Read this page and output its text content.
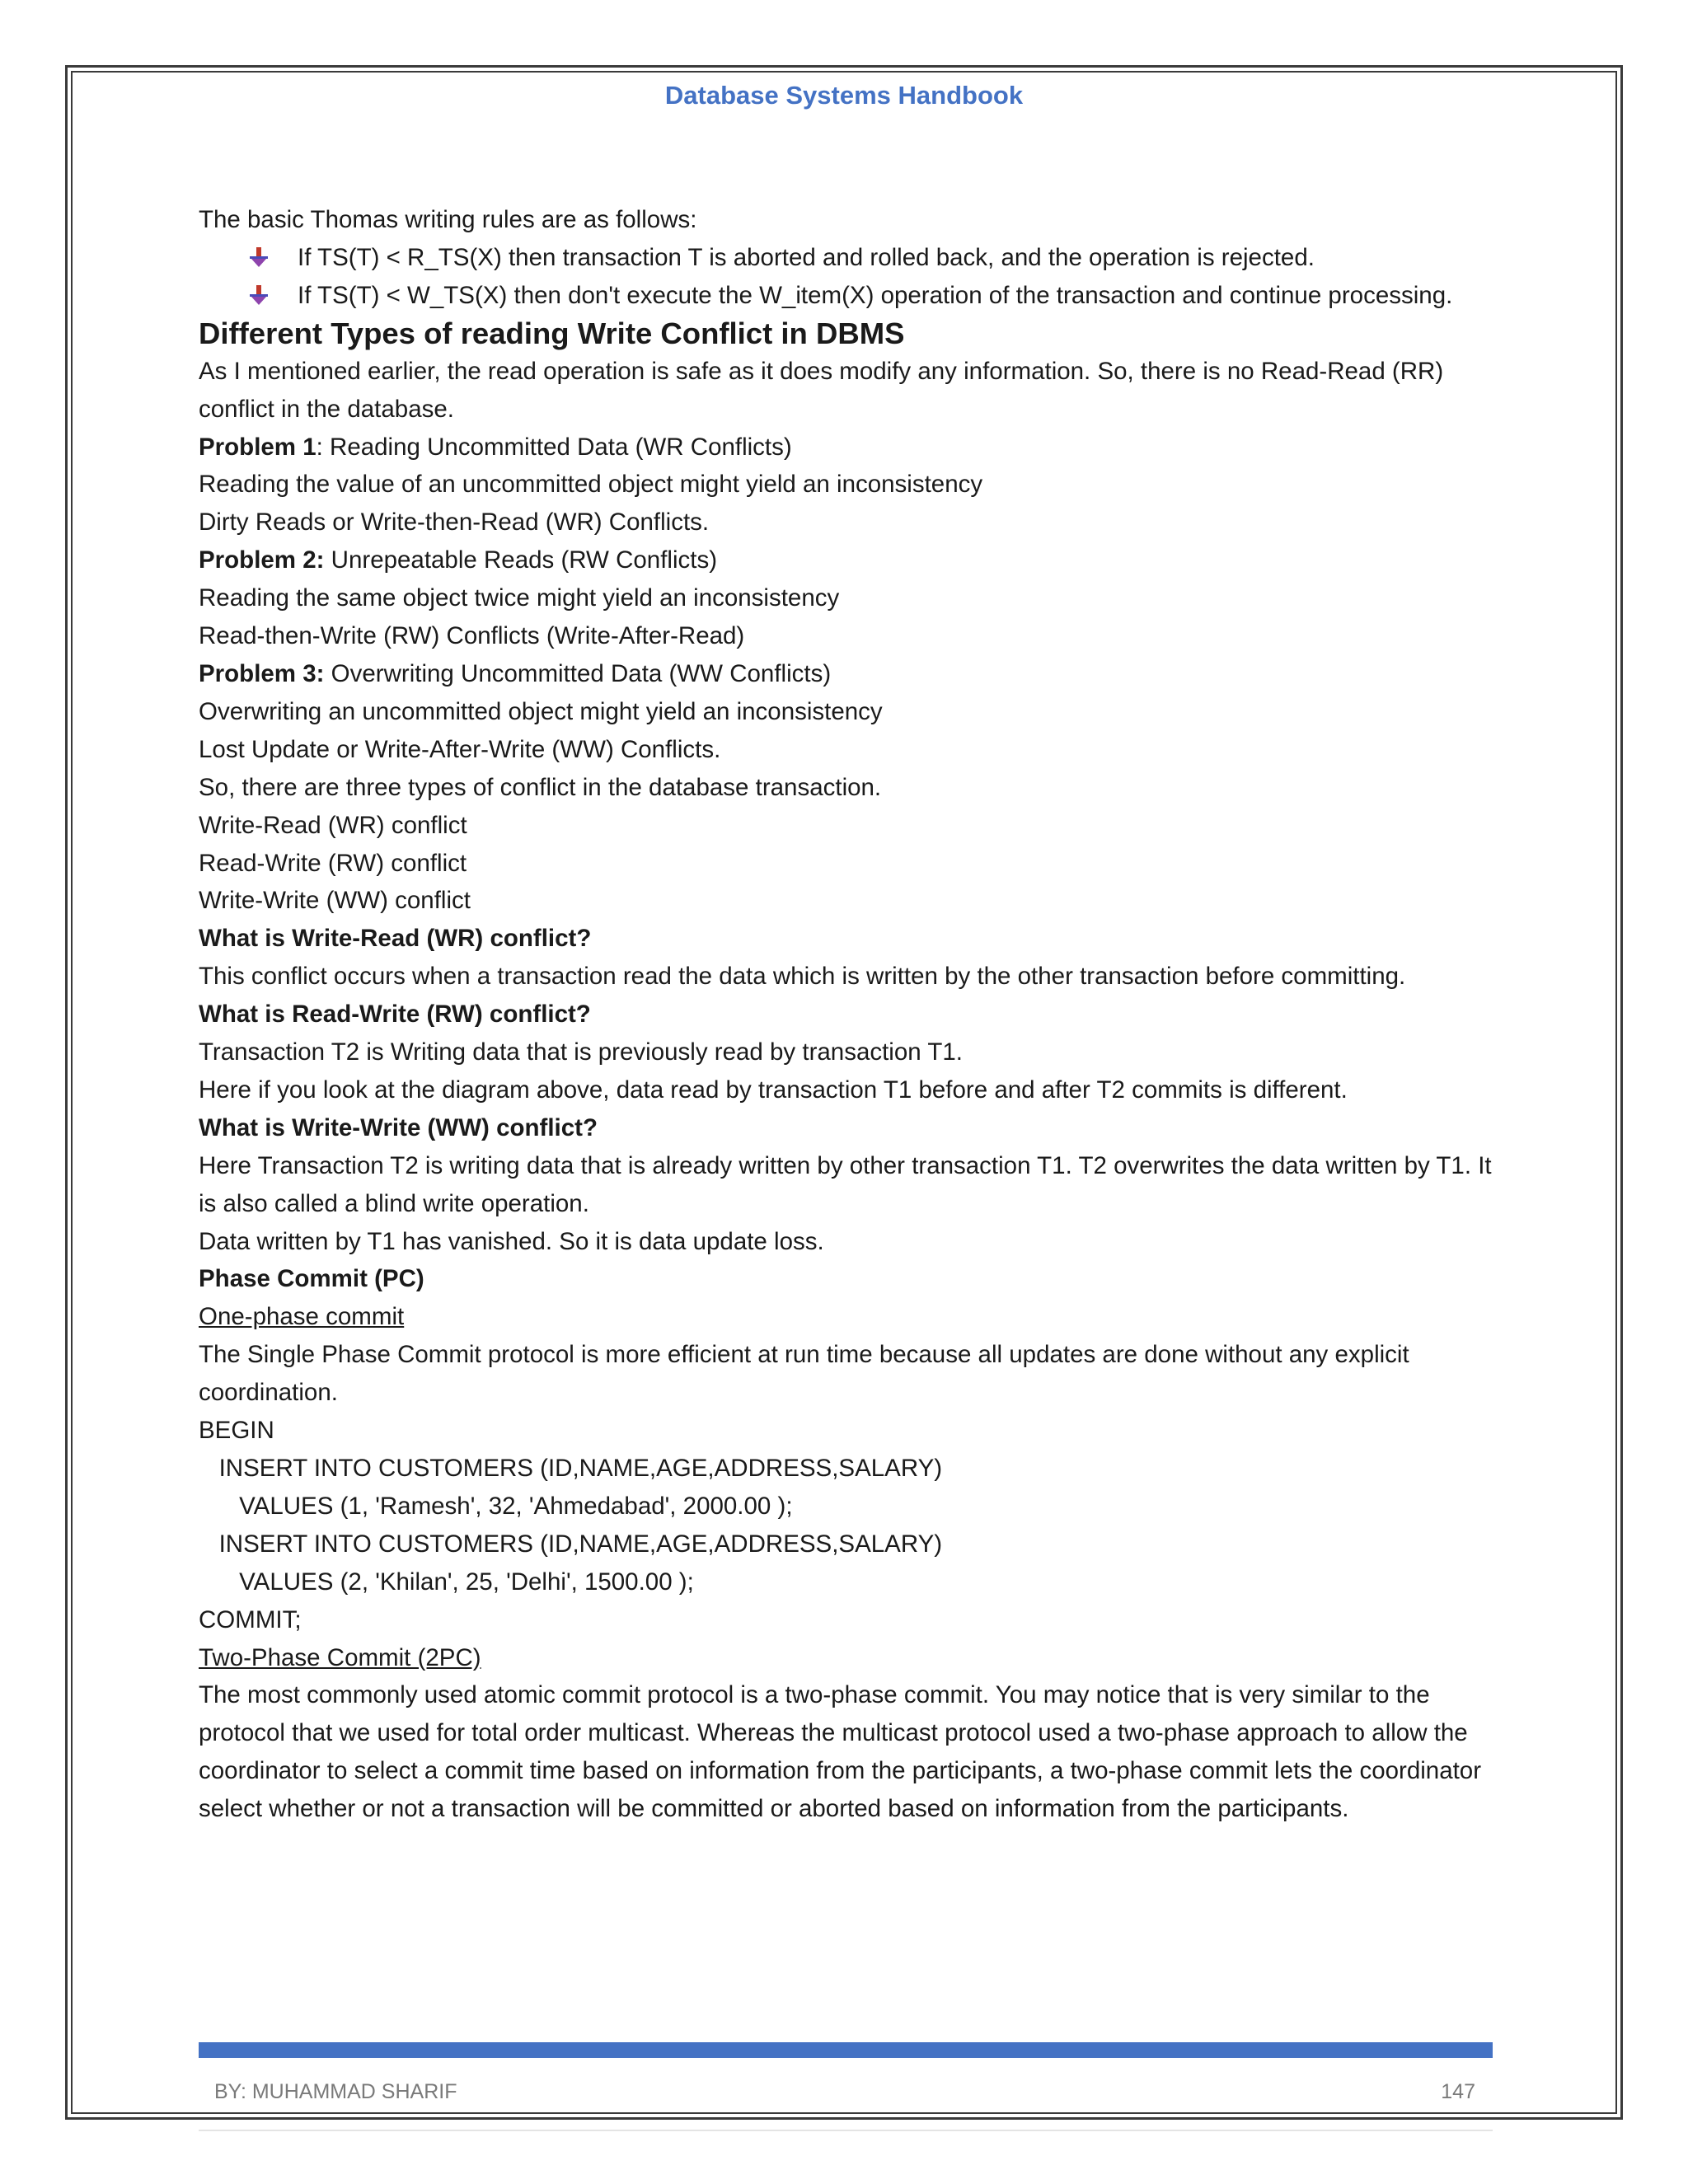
Database Systems Handbook

The basic Thomas writing rules are as follows:

If TS(T) < R_TS(X) then transaction T is aborted and rolled back, and the operation is rejected.
If TS(T) < W_TS(X) then don't execute the W_item(X) operation of the transaction and continue processing.

Different Types of reading Write Conflict in DBMS

As I mentioned earlier, the read operation is safe as it does modify any information. So, there is no Read-Read (RR) conflict in the database.

Problem 1: Reading Uncommitted Data (WR Conflicts)

Reading the value of an uncommitted object might yield an inconsistency

Dirty Reads or Write-then-Read (WR) Conflicts.

Problem 2: Unrepeatable Reads (RW Conflicts)

Reading the same object twice might yield an inconsistency

Read-then-Write (RW) Conflicts (Write-After-Read)

Problem 3: Overwriting Uncommitted Data (WW Conflicts)

Overwriting an uncommitted object might yield an inconsistency

Lost Update or Write-After-Write (WW) Conflicts.

So, there are three types of conflict in the database transaction.

Write-Read (WR) conflict

Read-Write (RW) conflict

Write-Write (WW) conflict

What is Write-Read (WR) conflict?

This conflict occurs when a transaction read the data which is written by the other transaction before committing.

What is Read-Write (RW) conflict?

Transaction T2 is Writing data that is previously read by transaction T1.

Here if you look at the diagram above, data read by transaction T1 before and after T2 commits is different.

What is Write-Write (WW) conflict?

Here Transaction T2 is writing data that is already written by other transaction T1. T2 overwrites the data written by T1. It is also called a blind write operation.

Data written by T1 has vanished. So it is data update loss.

Phase Commit (PC)

One-phase commit

The Single Phase Commit protocol is more efficient at run time because all updates are done without any explicit coordination.

BEGIN

INSERT INTO CUSTOMERS (ID,NAME,AGE,ADDRESS,SALARY)

VALUES (1, 'Ramesh', 32, 'Ahmedabad', 2000.00 );

INSERT INTO CUSTOMERS (ID,NAME,AGE,ADDRESS,SALARY)

VALUES (2, 'Khilan', 25, 'Delhi', 1500.00 );

COMMIT;

Two-Phase Commit (2PC)

The most commonly used atomic commit protocol is a two-phase commit. You may notice that is very similar to the protocol that we used for total order multicast. Whereas the multicast protocol used a two-phase approach to allow the coordinator to select a commit time based on information from the participants, a two-phase commit lets the coordinator select whether or not a transaction will be committed or aborted based on information from the participants.

BY: MUHAMMAD SHARIF	147
